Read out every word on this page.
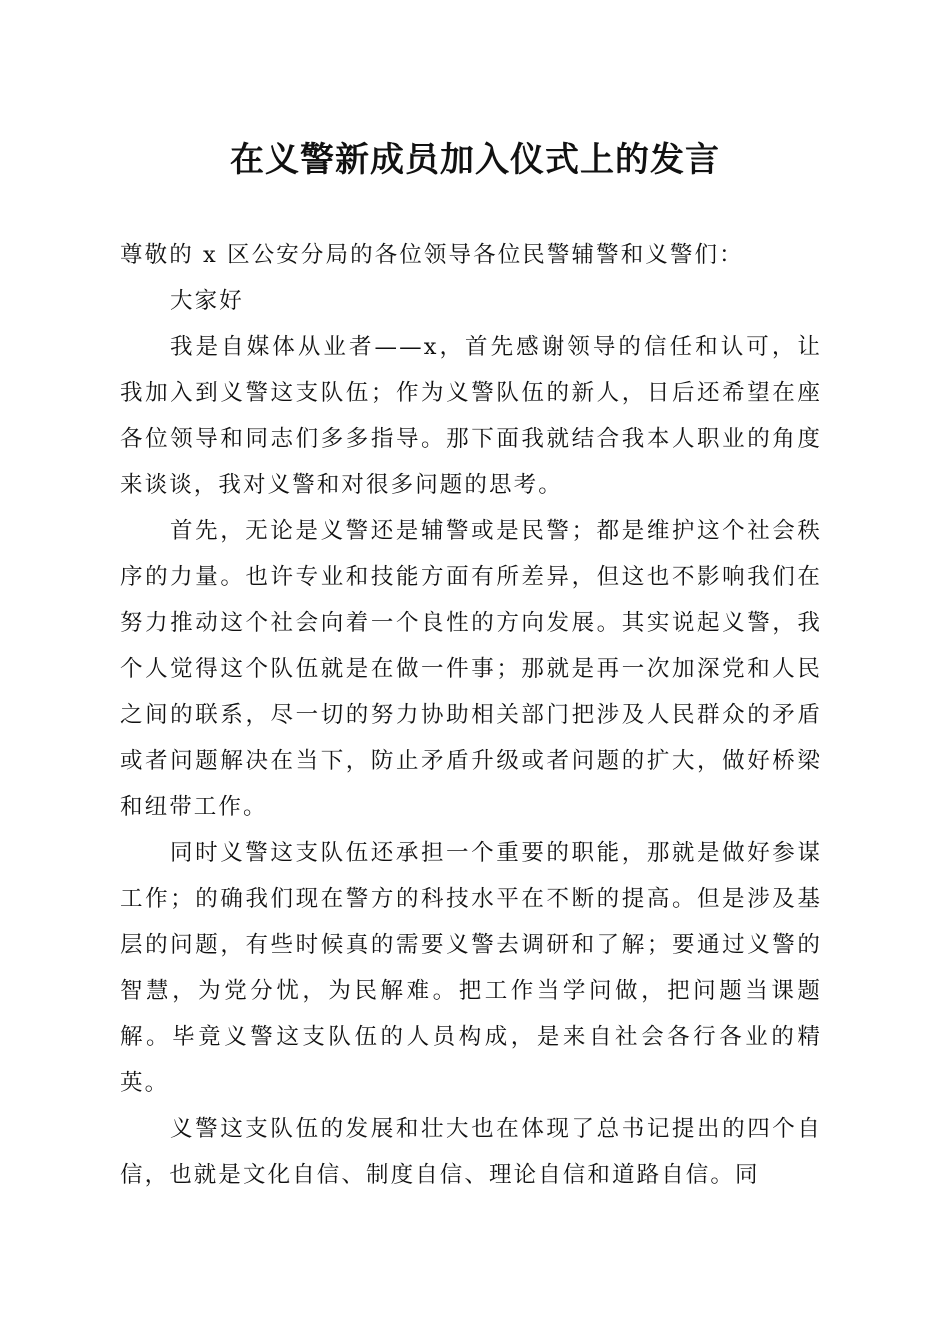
在义警新成员加入仪式上的发言

尊敬的 x 区公安分局的各位领导各位民警辅警和义警们：

大家好

我是自媒体从业者——x，首先感谢领导的信任和认可，让我加入到义警这支队伍；作为义警队伍的新人，日后还希望在座各位领导和同志们多多指导。那下面我就结合我本人职业的角度来谈谈，我对义警和对很多问题的思考。

首先，无论是义警还是辅警或是民警；都是维护这个社会秩序的力量。也许专业和技能方面有所差异，但这也不影响我们在努力推动这个社会向着一个良性的方向发展。其实说起义警，我个人觉得这个队伍就是在做一件事；那就是再一次加深党和人民之间的联系，尽一切的努力协助相关部门把涉及人民群众的矛盾或者问题解决在当下，防止矛盾升级或者问题的扩大，做好桥梁和纽带工作。

同时义警这支队伍还承担一个重要的职能，那就是做好参谋工作；的确我们现在警方的科技水平在不断的提高。但是涉及基层的问题，有些时候真的需要义警去调研和了解；要通过义警的智慧，为党分忧，为民解难。把工作当学问做，把问题当课题解。毕竟义警这支队伍的人员构成，是来自社会各行各业的精英。

义警这支队伍的发展和壮大也在体现了总书记提出的四个自信，也就是文化自信、制度自信、理论自信和道路自信。同
